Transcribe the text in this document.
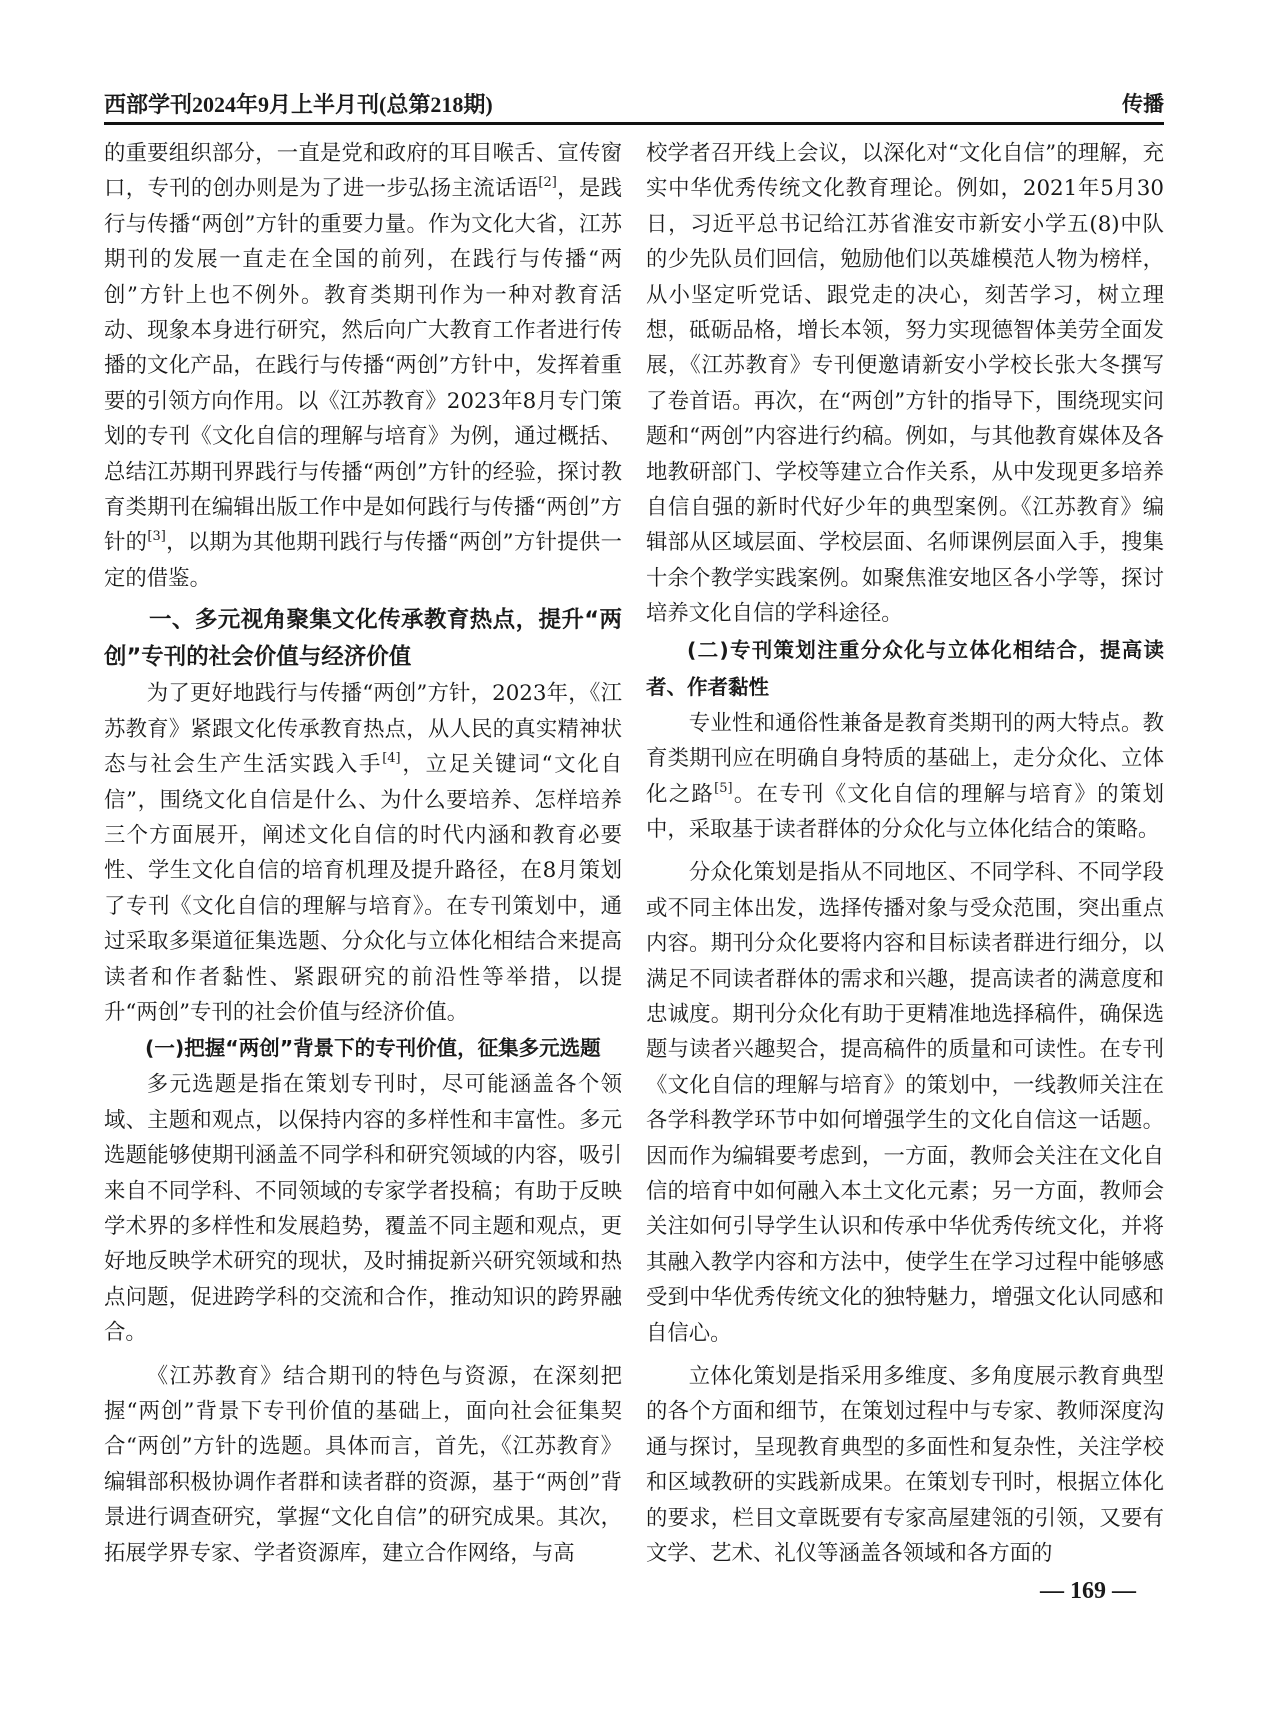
西部学刊2024年9月上半月刊(总第218期)	传播

的重要组织部分，一直是党和政府的耳目喉舌、宣传窗口，专刊的创办则是为了进一步弘扬主流话语[2]，是践行与传播“两创”方针的重要力量。作为文化大省，江苏期刊的发展一直走在全国的前列，在践行与传播“两创”方针上也不例外。教育类期刊作为一种对教育活动、现象本身进行研究，然后向广大教育工作者进行传播的文化产品，在践行与传播“两创”方针中，发挥着重要的引领方向作用。以《江苏教育》2023年8月专门策划的专刊《文化自信的理解与培育》为例，通过概括、总结江苏期刊界践行与传播“两创”方针的经验，探讨教育类期刊在编辑出版工作中是如何践行与传播“两创”方针的[3]，以期为其他期刊践行与传播“两创”方针提供一定的借鉴。

一、多元视角聚集文化传承教育热点，提升“两创”专刊的社会价值与经济价值

为了更好地践行与传播“两创”方针，2023年，《江苏教育》紧跟文化传承教育热点，从人民的真实精神状态与社会生产生活实践入手[4]，立足关键词“文化自信”，围绕文化自信是什么、为什么要培养、怎样培养三个方面展开，阐述文化自信的时代内涵和教育必要性、学生文化自信的培育机理及提升路径，在8月策划了专刊《文化自信的理解与培育》。在专刊策划中，通过采取多渠道征集选题、分众化与立体化相结合来提高读者和作者黏性、紧跟研究的前沿性等举措，以提升“两创”专刊的社会价值与经济价值。

(一)把握“两创”背景下的专刊价值，征集多元选题

多元选题是指在策划专刊时，尽可能涵盖各个领域、主题和观点，以保持内容的多样性和丰富性。多元选题能够使期刊涵盖不同学科和研究领域的内容，吸引来自不同学科、不同领域的专家学者投稿；有助于反映学术界的多样性和发展趋势，覆盖不同主题和观点，更好地反映学术研究的现状，及时捕捉新兴研究领域和热点问题，促进跨学科的交流和合作，推动知识的跨界融合。

《江苏教育》结合期刊的特色与资源，在深刻把握“两创”背景下专刊价值的基础上，面向社会征集契合“两创”方针的选题。具体而言，首先，《江苏教育》编辑部积极协调作者群和读者群的资源，基于“两创”背景进行调查研究，掌握“文化自信”的研究成果。其次，拓展学界专家、学者资源库，建立合作网络，与高

校学者召开线上会议，以深化对“文化自信”的理解，充实中华优秀传统文化教育理论。例如，2021年5月30日，习近平总书记给江苏省淮安市新安小学五(8)中队的少先队员们回信，勉励他们以英雄模范人物为榜样，从小坚定听党话、跟党走的决心，刻苦学习，树立理想，砥砺品格，增长本领，努力实现德智体美劳全面发展，《江苏教育》专刊便邀请新安小学校长张大冬撰写了卷首语。再次，在“两创”方针的指导下，围绕现实问题和“两创”内容进行约稿。例如，与其他教育媒体及各地教研部门、学校等建立合作关系，从中发现更多培养自信自强的新时代好少年的典型案例。《江苏教育》编辑部从区域层面、学校层面、名师课例层面入手，搜集十余个教学实践案例。如聚焦淮安地区各小学等，探讨培养文化自信的学科途径。

(二)专刊策划注重分众化与立体化相结合，提高读者、作者黏性

专业性和通俗性兼备是教育类期刊的两大特点。教育类期刊应在明确自身特质的基础上，走分众化、立体化之路[5]。在专刊《文化自信的理解与培育》的策划中，采取基于读者群体的分众化与立体化结合的策略。

分众化策划是指从不同地区、不同学科、不同学段或不同主体出发，选择传播对象与受众范围，突出重点内容。期刊分众化要将内容和目标读者群进行细分，以满足不同读者群体的需求和兴趣，提高读者的满意度和忠诚度。期刊分众化有助于更精准地选择稿件，确保选题与读者兴趣契合，提高稿件的质量和可读性。在专刊《文化自信的理解与培育》的策划中，一线教师关注在各学科教学环节中如何增强学生的文化自信这一话题。因而作为编辑要考虑到，一方面，教师会关注在文化自信的培育中如何融入本土文化元素；另一方面，教师会关注如何引导学生认识和传承中华优秀传统文化，并将其融入教学内容和方法中，使学生在学习过程中能够感受到中华优秀传统文化的独特魅力，增强文化认同感和自信心。

立体化策划是指采用多维度、多角度展示教育典型的各个方面和细节，在策划过程中与专家、教师深度沟通与探讨，呈现教育典型的多面性和复杂性，关注学校和区域教研的实践新成果。在策划专刊时，根据立体化的要求，栏目文章既要有专家高屋建瓴的引领，又要有文学、艺术、礼仪等涵盖各领域和各方面的

— 169 —
